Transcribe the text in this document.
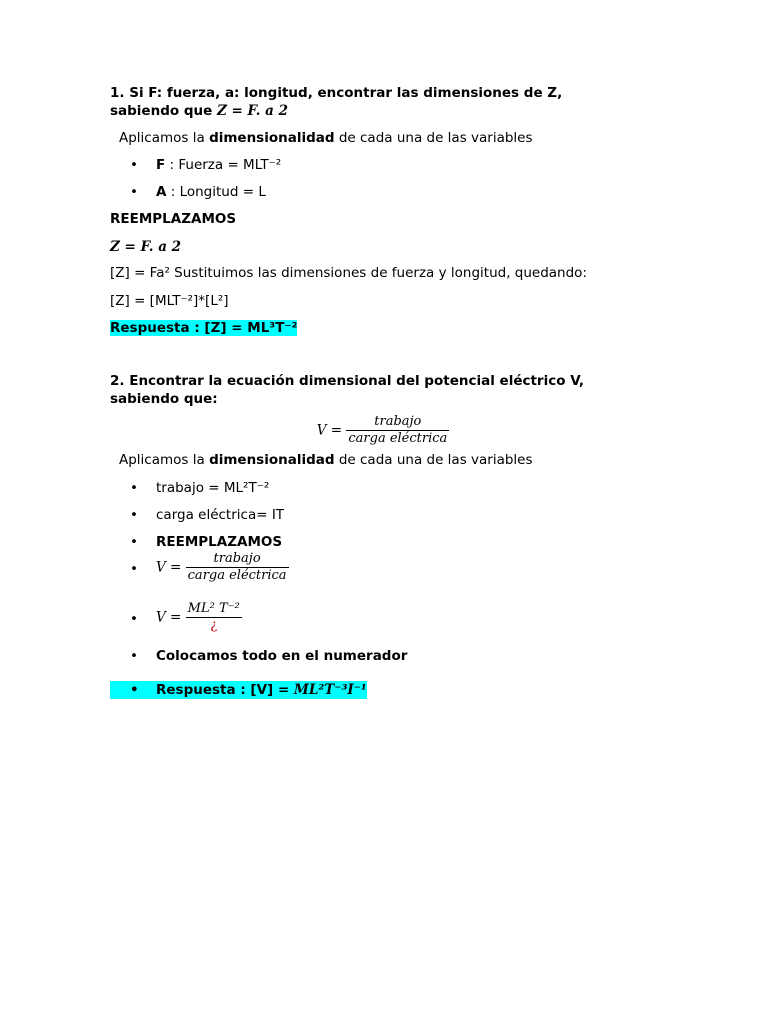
1. Si F: fuerza, a: longitud, encontrar las dimensiones de Z,

sabiendo que Z = F. a 2

Aplicamos la dimensionalidad de cada una de las variables

• F : Fuerza = MLT⁻²
• A : Longitud = L

REEMPLAZAMOS

Z = F. a 2

[Z] = Fa² Sustituimos las dimensiones de fuerza y longitud, quedando:

[Z] = [MLT⁻²]*[L²]

Respuesta : [Z] = ML³T⁻²

2. Encontrar la ecuación dimensional del potencial eléctrico V,

sabiendo que:

$V = \frac{\text{trabajo}}{\text{carga eléctrica}}$

Aplicamos la dimensionalidad de cada una de las variables

• trabajo = ML²T⁻²
• carga eléctrica= IT
• REEMPLAZAMOS
• $V = \frac{\text{trabajo}}{\text{carga eléctrica}}$
• $V = \frac{\text{ML² T⁻²}}{¿}$
• Colocamos todo en el numerador
• Respuesta : [V] = ML²T⁻³I⁻¹
